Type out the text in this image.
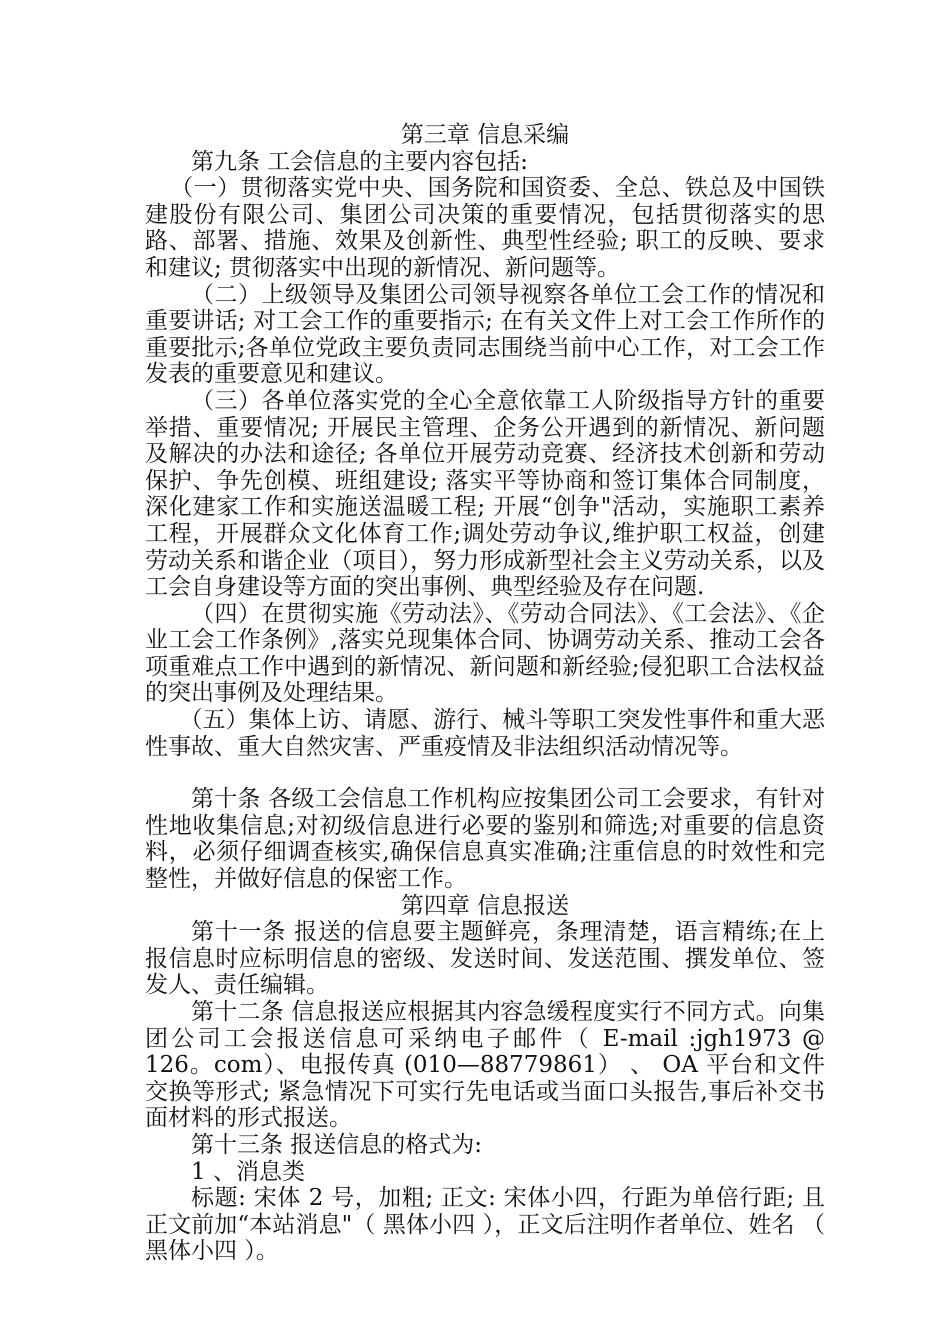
第三章 信息采编

第九条 工会信息的主要内容包括:

（一）贯彻落实党中央、国务院和国资委、全总、铁总及中国铁建股份有限公司、集团公司决策的重要情况，包括贯彻落实的思路、部署、措施、效果及创新性、典型性经验; 职工的反映、要求和建议; 贯彻落实中出现的新情况、新问题等。

（二）上级领导及集团公司领导视察各单位工会工作的情况和重要讲话; 对工会工作的重要指示; 在有关文件上对工会工作所作的重要批示;各单位党政主要负责同志围绕当前中心工作，对工会工作发表的重要意见和建议。

（三）各单位落实党的全心全意依靠工人阶级指导方针的重要举措、重要情况; 开展民主管理、企务公开遇到的新情况、新问题及解决的办法和途径; 各单位开展劳动竞赛、经济技术创新和劳动保护、争先创模、班组建设; 落实平等协商和签订集体合同制度，深化建家工作和实施送温暖工程; 开展“创争"活动，实施职工素养工程，开展群众文化体育工作;调处劳动争议,维护职工权益，创建劳动关系和谐企业（项目），努力形成新型社会主义劳动关系，以及工会自身建设等方面的突出事例、典型经验及存在问题.

（四）在贯彻实施《劳动法》、《劳动合同法》、《工会法》、《企业工会工作条例》,落实兑现集体合同、协调劳动关系、推动工会各项重难点工作中遇到的新情况、新问题和新经验;侵犯职工合法权益的突出事例及处理结果。

（五）集体上访、请愿、游行、械斗等职工突发性事件和重大恶性事故、重大自然灾害、严重疫情及非法组织活动情况等。

第十条 各级工会信息工作机构应按集团公司工会要求，有针对性地收集信息;对初级信息进行必要的鉴别和筛选;对重要的信息资料，必须仔细调查核实,确保信息真实准确;注重信息的时效性和完整性，并做好信息的保密工作。

第四章 信息报送

第十一条 报送的信息要主题鲜亮，条理清楚，语言精练;在上报信息时应标明信息的密级、发送时间、发送范围、撰发单位、签发人、责任编辑。

第十二条 信息报送应根据其内容急缓程度实行不同方式。向集团公司工会报送信息可采纳电子邮件（ E-mail :jgh1973 @ 126。com）、电报传真 (010—88779861） 、 OA 平台和文件交换等形式; 紧急情况下可实行先电话或当面口头报告,事后补交书面材料的形式报送。

第十三条 报送信息的格式为:

1 、消息类

标题: 宋体 2 号，加粗; 正文: 宋体小四，行距为单倍行距; 且正文前加“本站消息"（ 黑体小四 ），正文后注明作者单位、姓名 （ 黑体小四 ）。
